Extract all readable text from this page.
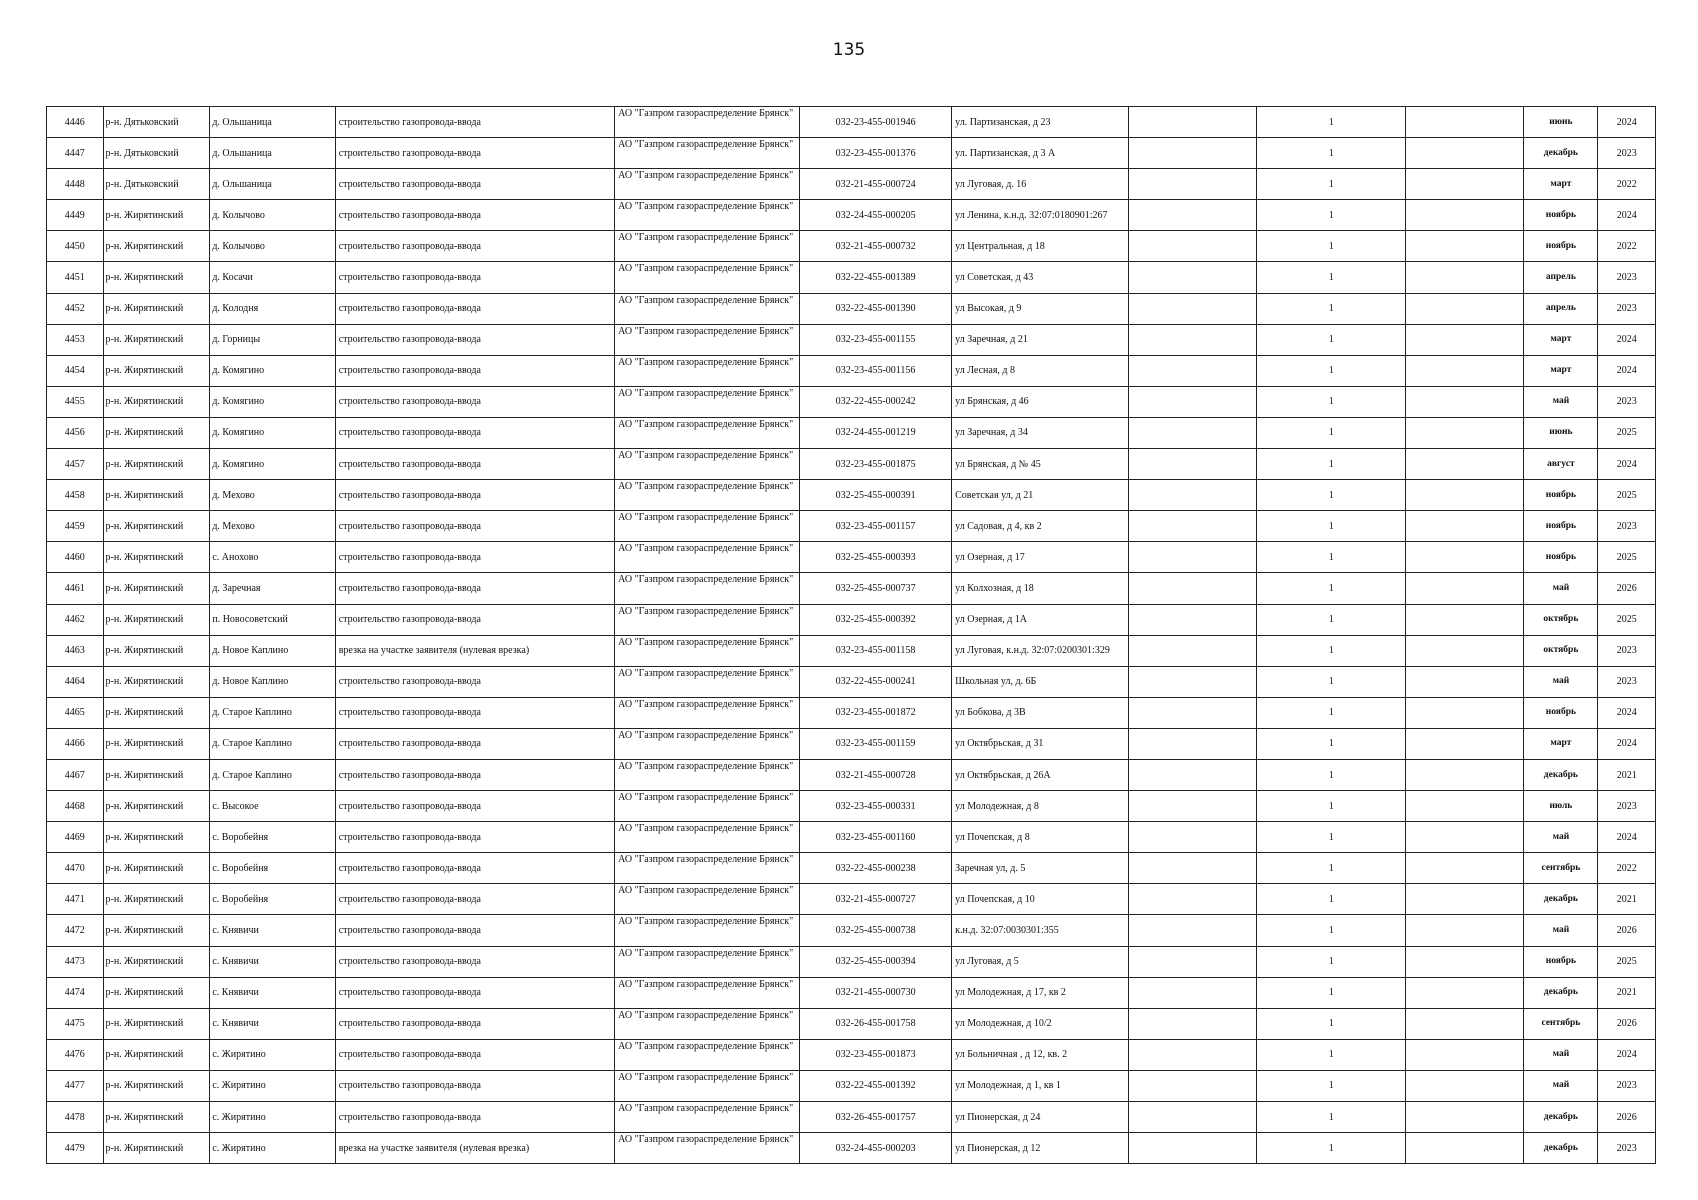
135
4446	р-н. Дятьковский	д. Ольшаница	строительство газопровода-ввода	АО "Газпром газораспределение Брянск"	032-23-455-001946	ул. Партизанская, д 23		1		июнь	2024
4447	р-н. Дятьковский	д. Ольшаница	строительство газопровода-ввода	АО "Газпром газораспределение Брянск"	032-23-455-001376	ул. Партизанская, д 3 А		1		декабрь	2023
4448	р-н. Дятьковский	д. Ольшаница	строительство газопровода-ввода	АО "Газпром газораспределение Брянск"	032-21-455-000724	ул Луговая, д. 16		1		март	2022
4449	р-н. Жирятинский	д. Колычово	строительство газопровода-ввода	АО "Газпром газораспределение Брянск"	032-24-455-000205	ул Ленина, к.н.д. 32:07:0180901:267		1		ноябрь	2024
4450	р-н. Жирятинский	д. Колычово	строительство газопровода-ввода	АО "Газпром газораспределение Брянск"	032-21-455-000732	ул Центральная, д 18		1		ноябрь	2022
4451	р-н. Жирятинский	д. Косачи	строительство газопровода-ввода	АО "Газпром газораспределение Брянск"	032-22-455-001389	ул Советская, д 43		1		апрель	2023
4452	р-н. Жирятинский	д. Колодня	строительство газопровода-ввода	АО "Газпром газораспределение Брянск"	032-22-455-001390	ул Высокая, д 9		1		апрель	2023
4453	р-н. Жирятинский	д. Горницы	строительство газопровода-ввода	АО "Газпром газораспределение Брянск"	032-23-455-001155	ул Заречная, д 21		1		март	2024
4454	р-н. Жирятинский	д. Комягино	строительство газопровода-ввода	АО "Газпром газораспределение Брянск"	032-23-455-001156	ул Лесная, д 8		1		март	2024
4455	р-н. Жирятинский	д. Комягино	строительство газопровода-ввода	АО "Газпром газораспределение Брянск"	032-22-455-000242	ул Брянская, д 46		1		май	2023
4456	р-н. Жирятинский	д. Комягино	строительство газопровода-ввода	АО "Газпром газораспределение Брянск"	032-24-455-001219	ул Заречная, д 34		1		июнь	2025
4457	р-н. Жирятинский	д. Комягино	строительство газопровода-ввода	АО "Газпром газораспределение Брянск"	032-23-455-001875	ул Брянская, д № 45		1		август	2024
4458	р-н. Жирятинский	д. Мехово	строительство газопровода-ввода	АО "Газпром газораспределение Брянск"	032-25-455-000391	Советская ул, д 21		1		ноябрь	2025
4459	р-н. Жирятинский	д. Мехово	строительство газопровода-ввода	АО "Газпром газораспределение Брянск"	032-23-455-001157	ул Садовая, д 4, кв 2		1		ноябрь	2023
4460	р-н. Жирятинский	с. Анохово	строительство газопровода-ввода	АО "Газпром газораспределение Брянск"	032-25-455-000393	ул Озерная, д 17		1		ноябрь	2025
4461	р-н. Жирятинский	д. Заречная	строительство газопровода-ввода	АО "Газпром газораспределение Брянск"	032-25-455-000737	ул Колхозная, д 18		1		май	2026
4462	р-н. Жирятинский	п. Новосоветский	строительство газопровода-ввода	АО "Газпром газораспределение Брянск"	032-25-455-000392	ул Озерная, д 1А		1		октябрь	2025
4463	р-н. Жирятинский	д. Новое Каплино	врезка на участке заявителя (нулевая врезка)	АО "Газпром газораспределение Брянск"	032-23-455-001158	ул Луговая, к.н.д. 32:07:0200301:329		1		октябрь	2023
4464	р-н. Жирятинский	д. Новое Каплино	строительство газопровода-ввода	АО "Газпром газораспределение Брянск"	032-22-455-000241	Школьная ул, д. 6Б		1		май	2023
4465	р-н. Жирятинский	д. Старое Каплино	строительство газопровода-ввода	АО "Газпром газораспределение Брянск"	032-23-455-001872	ул Бобкова, д 3В		1		ноябрь	2024
4466	р-н. Жирятинский	д. Старое Каплино	строительство газопровода-ввода	АО "Газпром газораспределение Брянск"	032-23-455-001159	ул Октябрьская, д 31		1		март	2024
4467	р-н. Жирятинский	д. Старое Каплино	строительство газопровода-ввода	АО "Газпром газораспределение Брянск"	032-21-455-000728	ул Октябрьская, д 26А		1		декабрь	2021
4468	р-н. Жирятинский	с. Высокое	строительство газопровода-ввода	АО "Газпром газораспределение Брянск"	032-23-455-000331	ул Молодежная, д 8		1		июль	2023
4469	р-н. Жирятинский	с. Воробейня	строительство газопровода-ввода	АО "Газпром газораспределение Брянск"	032-23-455-001160	ул Почепская, д 8		1		май	2024
4470	р-н. Жирятинский	с. Воробейня	строительство газопровода-ввода	АО "Газпром газораспределение Брянск"	032-22-455-000238	Заречная ул, д. 5		1		сентябрь	2022
4471	р-н. Жирятинский	с. Воробейня	строительство газопровода-ввода	АО "Газпром газораспределение Брянск"	032-21-455-000727	ул Почепская, д 10		1		декабрь	2021
4472	р-н. Жирятинский	с. Княвичи	строительство газопровода-ввода	АО "Газпром газораспределение Брянск"	032-25-455-000738	к.н.д. 32:07:0030301:355		1		май	2026
4473	р-н. Жирятинский	с. Княвичи	строительство газопровода-ввода	АО "Газпром газораспределение Брянск"	032-25-455-000394	ул Луговая, д 5		1		ноябрь	2025
4474	р-н. Жирятинский	с. Княвичи	строительство газопровода-ввода	АО "Газпром газораспределение Брянск"	032-21-455-000730	ул Молодежная, д 17, кв 2		1		декабрь	2021
4475	р-н. Жирятинский	с. Княвичи	строительство газопровода-ввода	АО "Газпром газораспределение Брянск"	032-26-455-001758	ул Молодежная, д 10/2		1		сентябрь	2026
4476	р-н. Жирятинский	с. Жирятино	строительство газопровода-ввода	АО "Газпром газораспределение Брянск"	032-23-455-001873	ул Больничная , д 12, кв. 2		1		май	2024
4477	р-н. Жирятинский	с. Жирятино	строительство газопровода-ввода	АО "Газпром газораспределение Брянск"	032-22-455-001392	ул Молодежная, д 1, кв 1		1		май	2023
4478	р-н. Жирятинский	с. Жирятино	строительство газопровода-ввода	АО "Газпром газораспределение Брянск"	032-26-455-001757	ул Пионерская, д 24		1		декабрь	2026
4479	р-н. Жирятинский	с. Жирятино	врезка на участке заявителя (нулевая врезка)	АО "Газпром газораспределение Брянск"	032-24-455-000203	ул Пионерская, д 12		1		декабрь	2023
